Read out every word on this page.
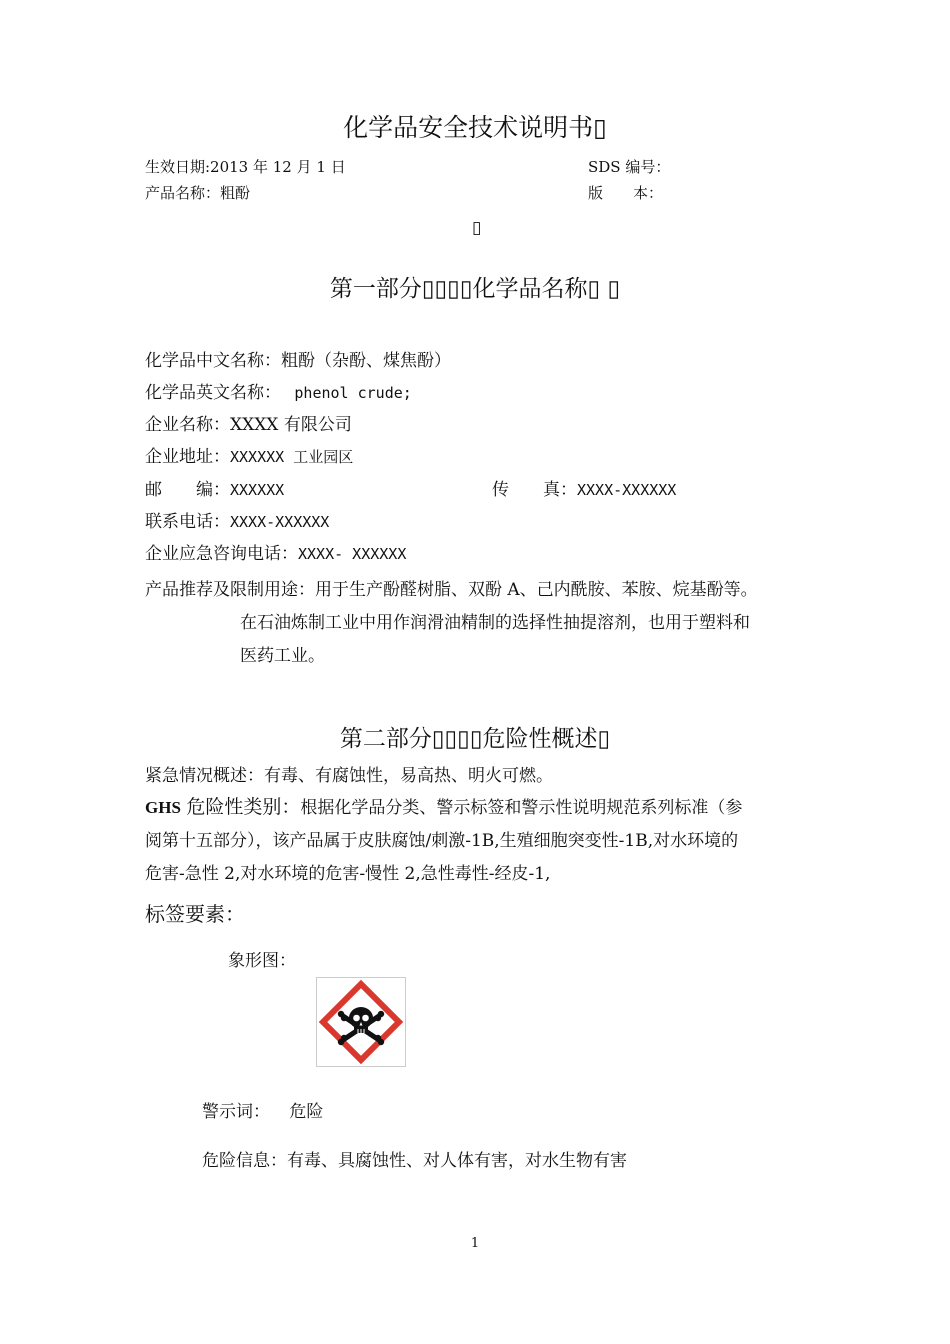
化学品安全技术说明书▯
生效日期:2013 年 12 月 1 日	SDS 编号：
产品名称：粗酚	版　　本：
▯
第一部分▯▯▯▯化学品名称▯ ▯
化学品中文名称：粗酚（杂酚、煤焦酚）
化学品英文名称： phenol crude;
企业名称：XXXX 有限公司
企业地址：XXXXXX 工业园区
邮　　编：XXXXXX	传　　真：XXXX-XXXXXX
联系电话：XXXX-XXXXXX
企业应急咨询电话：XXXX- XXXXXX
产品推荐及限制用途：用于生产酚醛树脂、双酚 A、己内酰胺、苯胺、烷基酚等。
在石油炼制工业中用作润滑油精制的选择性抽提溶剂，也用于塑料和
医药工业。
第二部分▯▯▯▯危险性概述▯
紧急情况概述：有毒、有腐蚀性，易高热、明火可燃。
GHS 危险性类别：根据化学品分类、警示标签和警示性说明规范系列标准（参
阅第十五部分），该产品属于皮肤腐蚀/刺激-1B,生殖细胞突变性-1B,对水环境的
危害-急性 2,对水环境的危害-慢性 2,急性毒性-经皮-1,
标签要素：
象形图：
警示词： 危险
危险信息：有毒、具腐蚀性、对人体有害，对水生物有害
1
